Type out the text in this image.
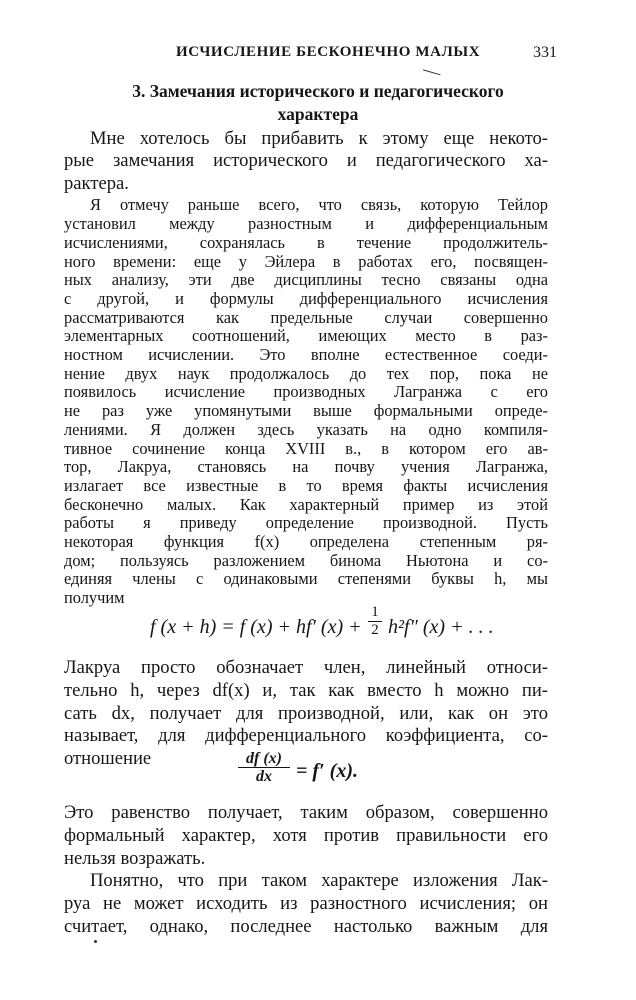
ИСЧИСЛЕНИЕ БЕСКОНЕЧНО МАЛЫХ	331
3. Замечания исторического и педагогического
характера
Мне хотелось бы прибавить к этому еще некото-
рые замечания исторического и педагогического ха-
рактера.
Я отмечу раньше всего, что связь, которую Тейлор
установил между разностным и дифференциальным
исчислениями, сохранялась в течение продолжитель-
ного времени: еще у Эйлера в работах его, посвящен-
ных анализу, эти две дисциплины тесно связаны одна
с другой, и формулы дифференциального исчисления
рассматриваются как предельные случаи совершенно
элементарных соотношений, имеющих место в раз-
ностном исчислении. Это вполне естественное соеди-
нение двух наук продолжалось до тех пор, пока не
появилось исчисление производных Лагранжа с его
не раз уже упомянутыми выше формальными опреде-
лениями. Я должен здесь указать на одно компиля-
тивное сочинение конца XVIII в., в котором его ав-
тор, Лакруа, становясь на почву учения Лагранжа,
излагает все известные в то время факты исчисления
бесконечно малых. Как характерный пример из этой
работы я приведу определение производной. Пусть
f (x + h) = f (x) + hf′ (x) +
1
2 h²f″ (x) + . . .
Лакруа просто обозначает член, линейный относи-
тельно h, через df(x) и, так как вместо h можно пи-
сать dx, получает для производной, или, как он это
называет, для дифференциального коэффициента, со-
отношение	df (x)
dx	= f′ (x).
Это равенство получает, таким образом, совершенно
формальный характер, хотя против правильности его
нельзя возражать.
Понятно, что при таком характере изложения Лак-
руа не может исходить из разностного исчисления; он
считает, однако, последнее настолько важным для
некоторая функция f(x) определена степенным ря-
дом; пользуясь разложением бинома Ньютона и со-
единяя члены с одинаковыми степенями буквы h, мы
получим
